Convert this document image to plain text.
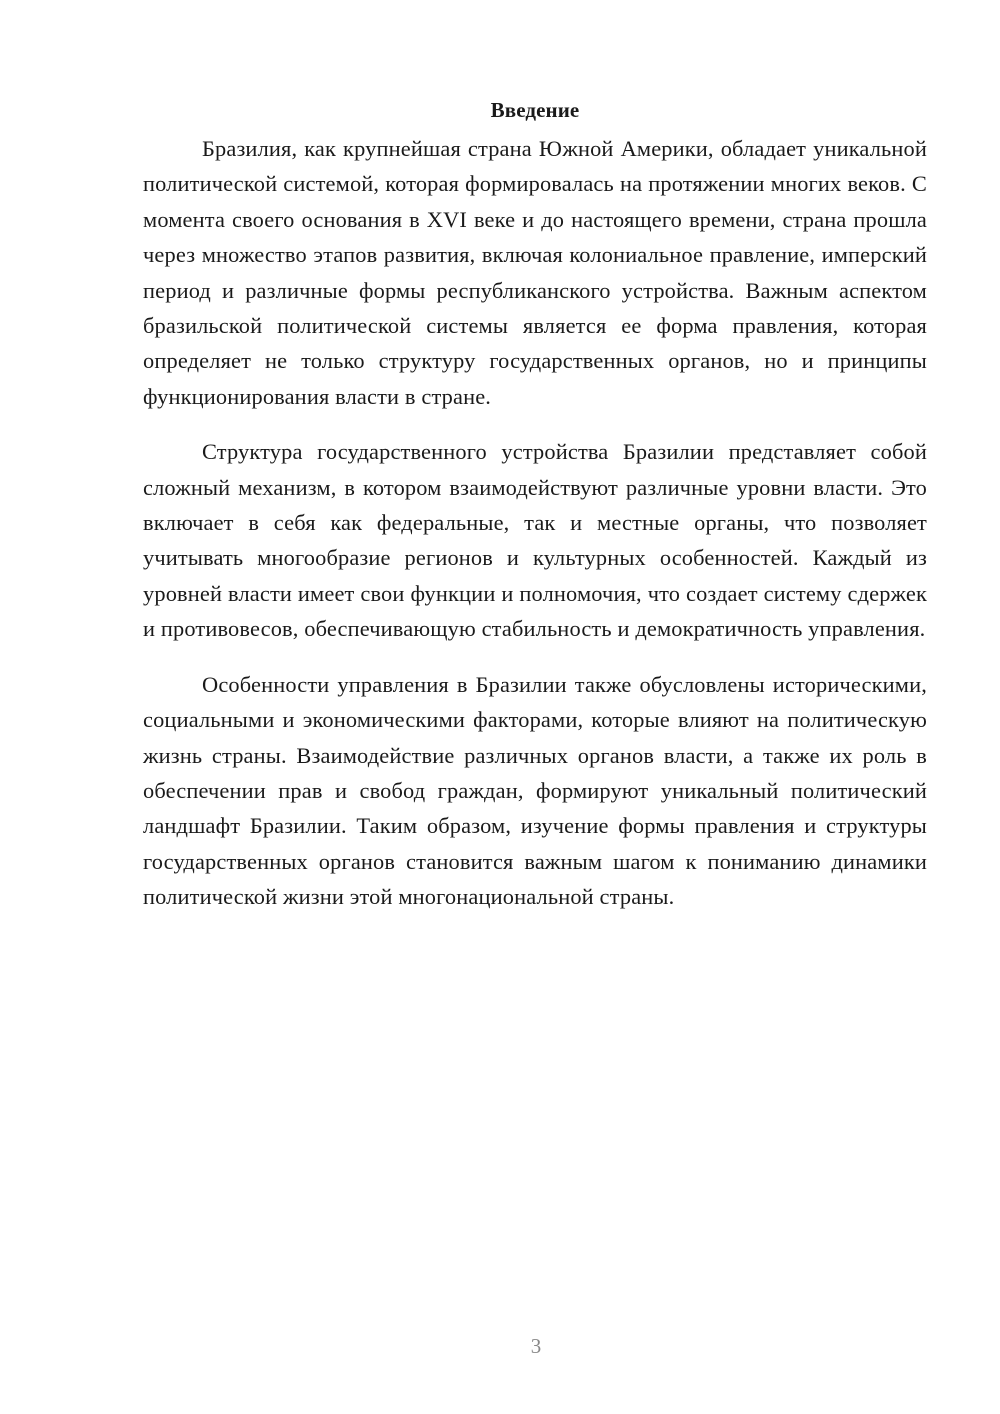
Введение

Бразилия, как крупнейшая страна Южной Америки, обладает уникальной политической системой, которая формировалась на протяжении многих веков. С момента своего основания в XVI веке и до настоящего времени, страна прошла через множество этапов развития, включая колониальное правление, имперский период и различные формы республиканского устройства. Важным аспектом бразильской политической системы является ее форма правления, которая определяет не только структуру государственных органов, но и принципы функционирования власти в стране.

Структура государственного устройства Бразилии представляет собой сложный механизм, в котором взаимодействуют различные уровни власти. Это включает в себя как федеральные, так и местные органы, что позволяет учитывать многообразие регионов и культурных особенностей. Каждый из уровней власти имеет свои функции и полномочия, что создает систему сдержек и противовесов, обеспечивающую стабильность и демократичность управления.

Особенности управления в Бразилии также обусловлены историческими, социальными и экономическими факторами, которые влияют на политическую жизнь страны. Взаимодействие различных органов власти, а также их роль в обеспечении прав и свобод граждан, формируют уникальный политический ландшафт Бразилии. Таким образом, изучение формы правления и структуры государственных органов становится важным шагом к пониманию динамики политической жизни этой многонациональной страны.

3
